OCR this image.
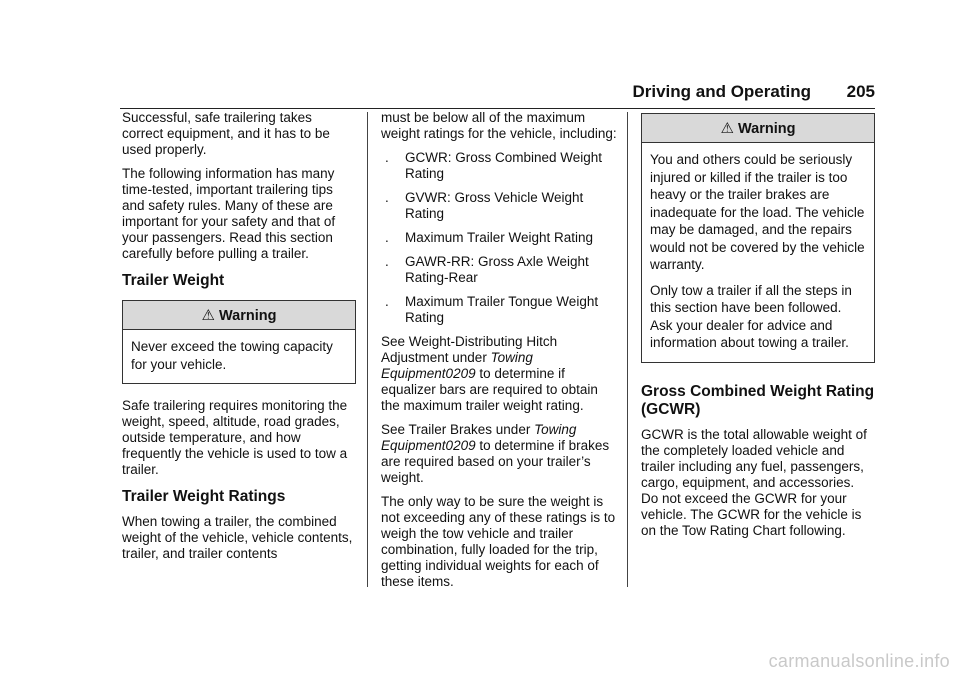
Driving and Operating 205

Successful, safe trailering takes correct equipment, and it has to be used properly.

The following information has many time-tested, important trailering tips and safety rules. Many of these are important for your safety and that of your passengers. Read this section carefully before pulling a trailer.

Trailer Weight
⚠ Warning

Never exceed the towing capacity for your vehicle.

Safe trailering requires monitoring the weight, speed, altitude, road grades, outside temperature, and how frequently the vehicle is used to tow a trailer.

Trailer Weight Ratings

When towing a trailer, the combined weight of the vehicle, vehicle contents, trailer, and trailer contents

must be below all of the maximum weight ratings for the vehicle, including:

. GCWR: Gross Combined Weight Rating
. GVWR: Gross Vehicle Weight Rating
. Maximum Trailer Weight Rating
. GAWR-RR: Gross Axle Weight Rating-Rear
. Maximum Trailer Tongue Weight Rating

See Weight-Distributing Hitch Adjustment under Towing Equipment0209 to determine if equalizer bars are required to obtain the maximum trailer weight rating.

See Trailer Brakes under Towing Equipment0209 to determine if brakes are required based on your trailer’s weight.

The only way to be sure the weight is not exceeding any of these ratings is to weigh the tow vehicle and trailer combination, fully loaded for the trip, getting individual weights for each of these items.

⚠ Warning

You and others could be seriously injured or killed if the trailer is too heavy or the trailer brakes are inadequate for the load. The vehicle may be damaged, and the repairs would not be covered by the vehicle warranty.

Only tow a trailer if all the steps in this section have been followed. Ask your dealer for advice and information about towing a trailer.

Gross Combined Weight Rating (GCWR)

GCWR is the total allowable weight of the completely loaded vehicle and trailer including any fuel, passengers, cargo, equipment, and accessories. Do not exceed the GCWR for your vehicle. The GCWR for the vehicle is on the Tow Rating Chart following.

carmanualsonline.info
